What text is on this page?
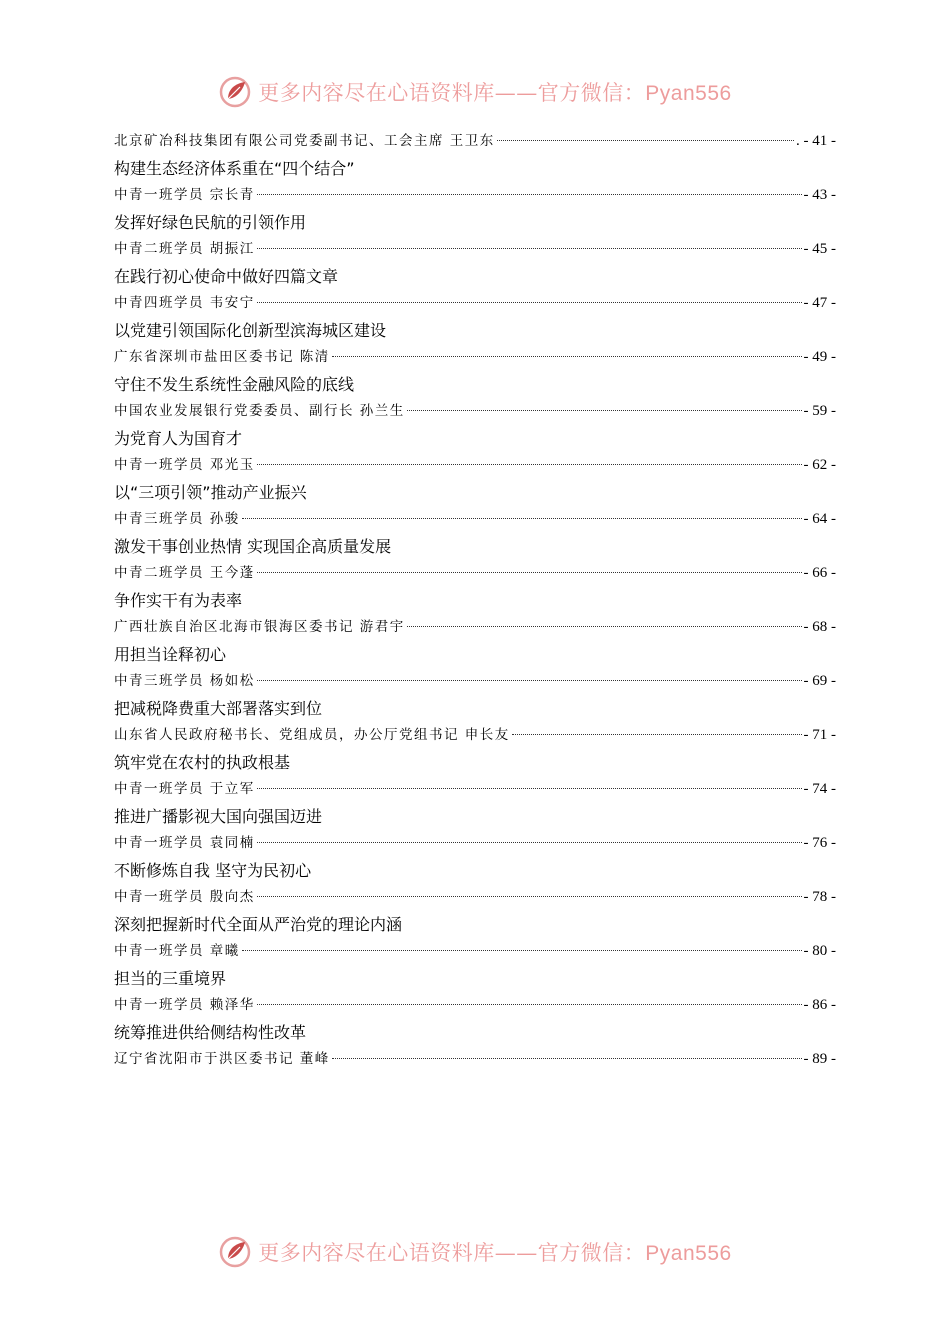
更多内容尽在心语资料库——官方微信：Pyan556
北京矿冶科技集团有限公司党委副书记、工会主席 王卫东	. - 41 -
构建生态经济体系重在“四个结合”
中青一班学员 宗长青	- 43 -
发挥好绿色民航的引领作用
中青二班学员 胡振江	- 45 -
在践行初心使命中做好四篇文章
中青四班学员 韦安宁	- 47 -
以党建引领国际化创新型滨海城区建设
广东省深圳市盐田区委书记 陈清	- 49 -
守住不发生系统性金融风险的底线
中国农业发展银行党委委员、副行长 孙兰生	- 59 -
为党育人为国育才
中青一班学员 邓光玉	- 62 -
以“三项引领”推动产业振兴
中青三班学员 孙骏	- 64 -
激发干事创业热情 实现国企高质量发展
中青二班学员 王今蓬	- 66 -
争作实干有为表率
广西壮族自治区北海市银海区委书记 游君宇	- 68 -
用担当诠释初心
中青三班学员 杨如松	- 69 -
把减税降费重大部署落实到位
山东省人民政府秘书长、党组成员，办公厅党组书记 申长友	- 71 -
筑牢党在农村的执政根基
中青一班学员 于立军	- 74 -
推进广播影视大国向强国迈进
中青一班学员 袁同楠	- 76 -
不断修炼自我 坚守为民初心
中青一班学员 殷向杰	- 78 -
深刻把握新时代全面从严治党的理论内涵
中青一班学员 章曦	- 80 -
担当的三重境界
中青一班学员 赖泽华	- 86 -
统筹推进供给侧结构性改革
辽宁省沈阳市于洪区委书记 董峰	- 89 -
更多内容尽在心语资料库——官方微信：Pyan556
